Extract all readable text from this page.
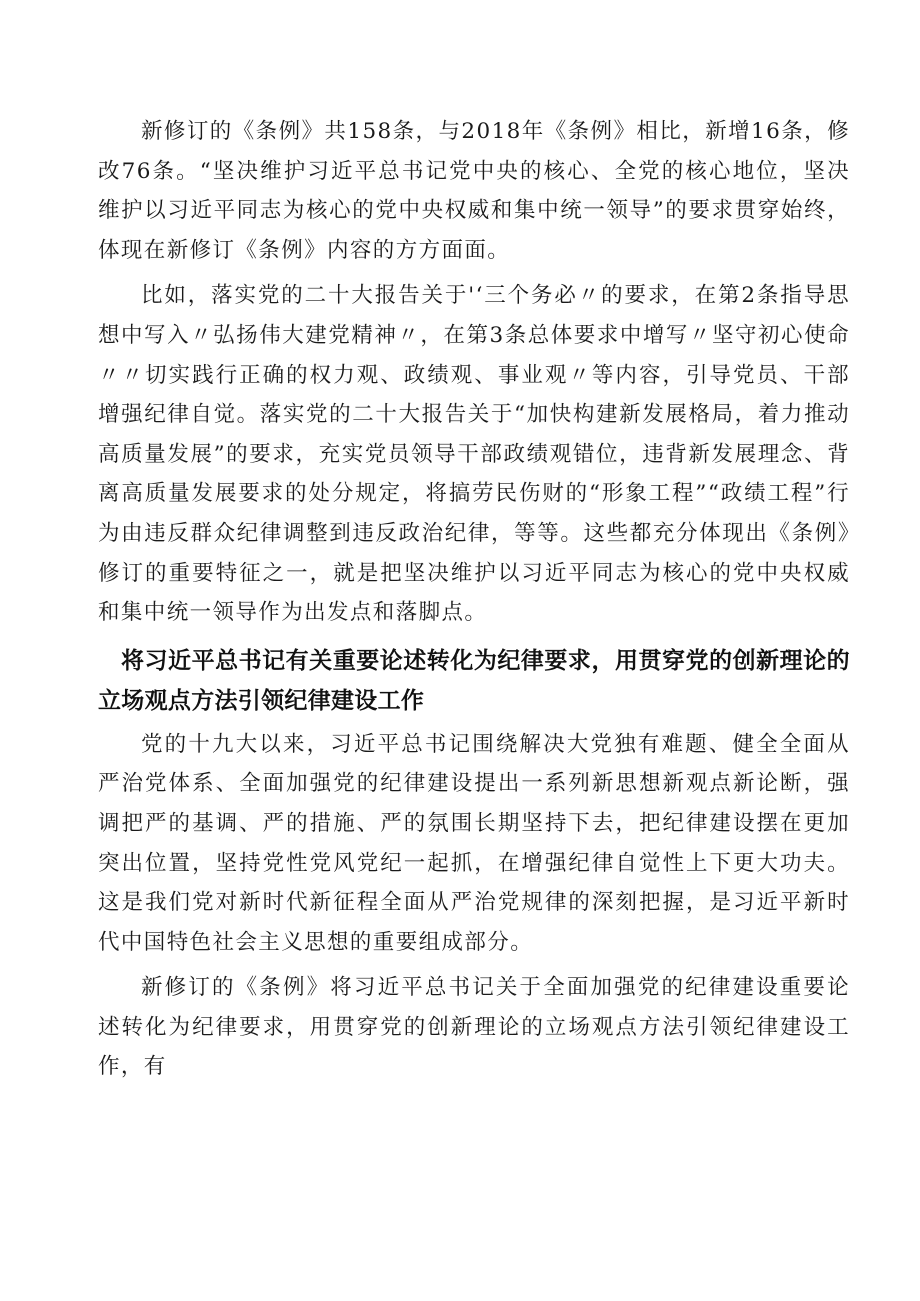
新修订的《条例》共158条，与2018年《条例》相比，新增16条，修改76条。“坚决维护习近平总书记党中央的核心、全党的核心地位，坚决维护以习近平同志为核心的党中央权威和集中统一领导”的要求贯穿始终，体现在新修订《条例》内容的方方面面。

比如，落实党的二十大报告关于'‘三个务必〃的要求，在第2条指导思想中写入〃弘扬伟大建党精神〃，在第3条总体要求中增写〃坚守初心使命〃〃切实践行正确的权力观、政绩观、事业观〃等内容，引导党员、干部增强纪律自觉。落实党的二十大报告关于“加快构建新发展格局，着力推动高质量发展”的要求，充实党员领导干部政绩观错位，违背新发展理念、背离高质量发展要求的处分规定，将搞劳民伤财的“形象工程”“政绩工程”行为由违反群众纪律调整到违反政治纪律，等等。这些都充分体现出《条例》修订的重要特征之一，就是把坚决维护以习近平同志为核心的党中央权威和集中统一领导作为出发点和落脚点。

将习近平总书记有关重要论述转化为纪律要求，用贯穿党的创新理论的立场观点方法引领纪律建设工作

党的十九大以来，习近平总书记围绕解决大党独有难题、健全全面从严治党体系、全面加强党的纪律建设提出一系列新思想新观点新论断，强调把严的基调、严的措施、严的氛围长期坚持下去，把纪律建设摆在更加突出位置，坚持党性党风党纪一起抓，在增强纪律自觉性上下更大功夫。这是我们党对新时代新征程全面从严治党规律的深刻把握，是习近平新时代中国特色社会主义思想的重要组成部分。

新修订的《条例》将习近平总书记关于全面加强党的纪律建设重要论述转化为纪律要求，用贯穿党的创新理论的立场观点方法引领纪律建设工作，有
